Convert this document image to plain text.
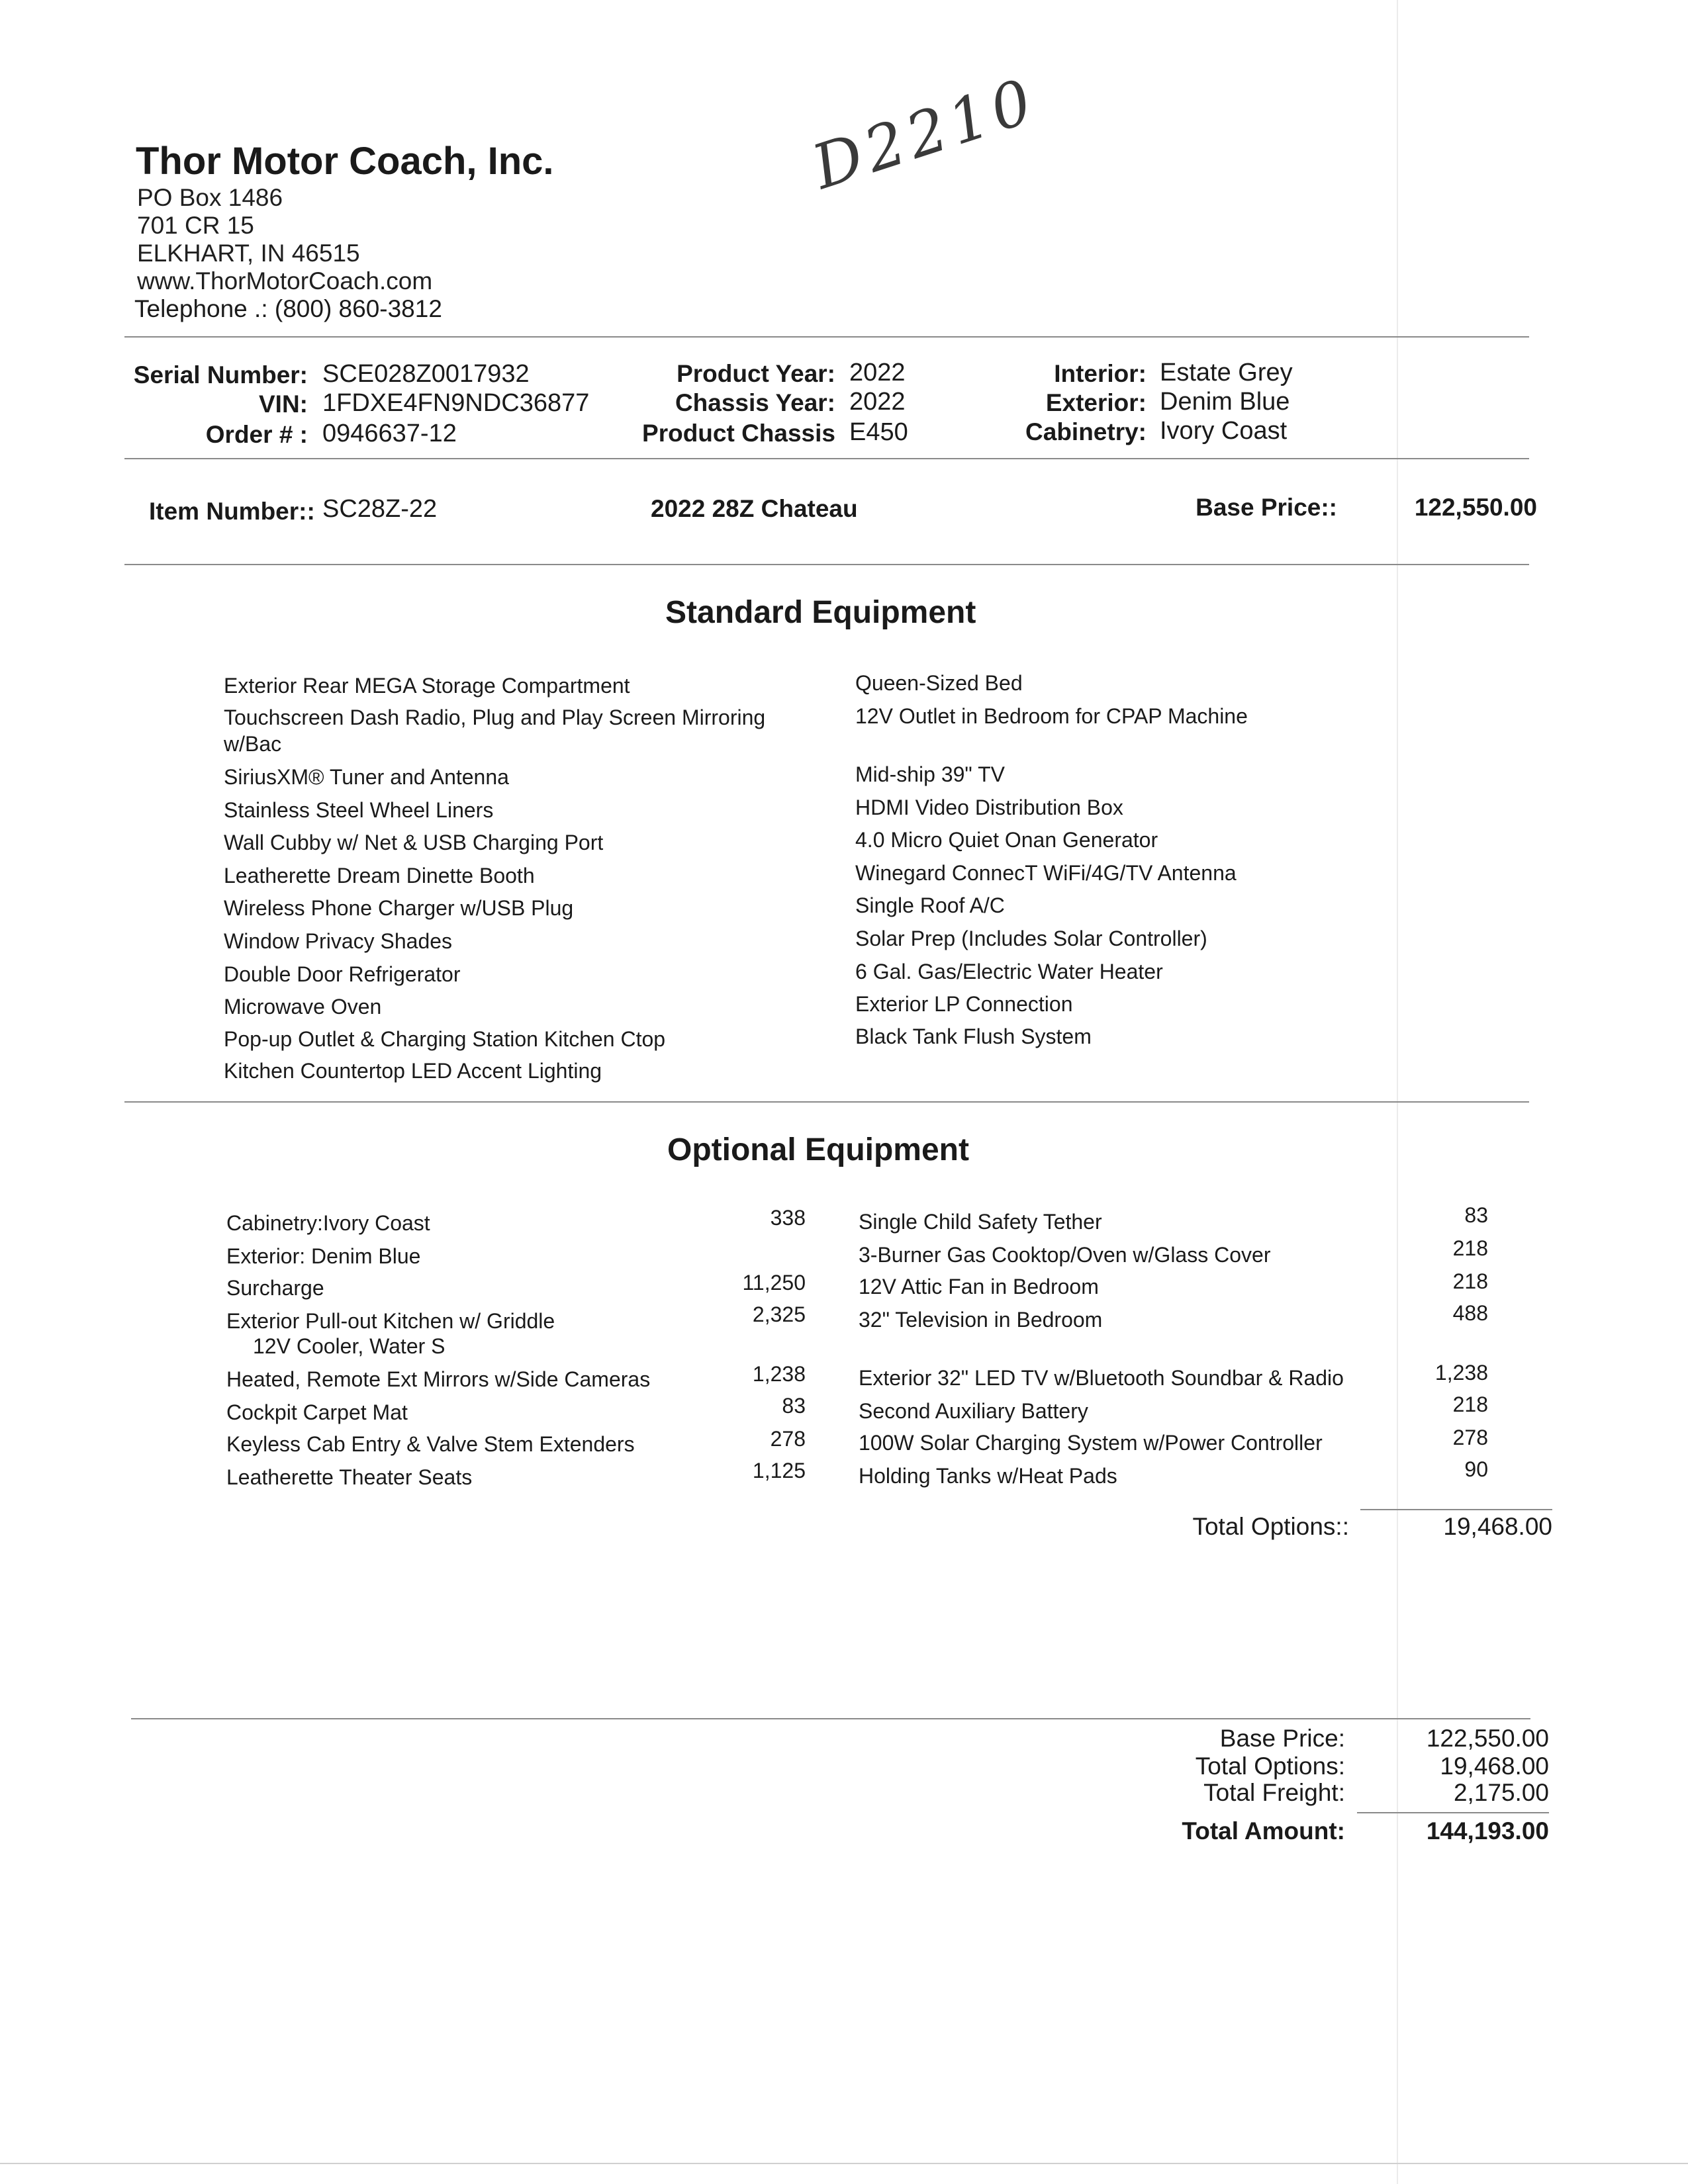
Thor Motor Coach, Inc.
PO Box 1486
701 CR 15
ELKHART, IN 46515
www.ThorMotorCoach.com
Telephone .: (800) 860-3812
D2210
Serial Number: SCE028Z0017932
VIN: 1FDXE4FN9NDC36877
Order # : 0946637-12
Product Year: 2022
Chassis Year: 2022
Product Chassis E450
Interior: Estate Grey
Exterior: Denim Blue
Cabinetry: Ivory Coast
Item Number:: SC28Z-22	2022 28Z Chateau	Base Price::	122,550.00
Standard Equipment
Exterior Rear MEGA Storage Compartment
Touchscreen Dash Radio, Plug and Play Screen Mirroring
w/Bac
SiriusXM® Tuner and Antenna
Stainless Steel Wheel Liners
Wall Cubby w/ Net & USB Charging Port
Leatherette Dream Dinette Booth
Wireless Phone Charger w/USB Plug
Window Privacy Shades
Double Door Refrigerator
Microwave Oven
Pop-up Outlet & Charging Station Kitchen Ctop
Kitchen Countertop LED Accent Lighting
Queen-Sized Bed
12V Outlet in Bedroom for CPAP Machine
Mid-ship 39" TV
HDMI Video Distribution Box
4.0 Micro Quiet Onan Generator
Winegard ConnecT WiFi/4G/TV Antenna
Single Roof A/C
Solar Prep (Includes Solar Controller)
6 Gal. Gas/Electric Water Heater
Exterior LP Connection
Black Tank Flush System
Optional Equipment
Cabinetry:Ivory Coast	338
Exterior: Denim Blue
Surcharge	11,250
Exterior Pull-out Kitchen w/ Griddle	2,325
12V Cooler, Water S
Heated, Remote Ext Mirrors w/Side Cameras	1,238
Cockpit Carpet Mat	83
Keyless Cab Entry & Valve Stem Extenders	278
Leatherette Theater Seats	1,125
Single Child Safety Tether	83
3-Burner Gas Cooktop/Oven w/Glass Cover	218
12V Attic Fan in Bedroom	218
32" Television in Bedroom	488
Exterior 32" LED TV w/Bluetooth Soundbar & Radio	1,238
Second Auxiliary Battery	218
100W Solar Charging System w/Power Controller	278
Holding Tanks w/Heat Pads	90
Total Options::	19,468.00
Base Price:	122,550.00
Total Options:	19,468.00
Total Freight:	2,175.00
Total Amount:	144,193.00
